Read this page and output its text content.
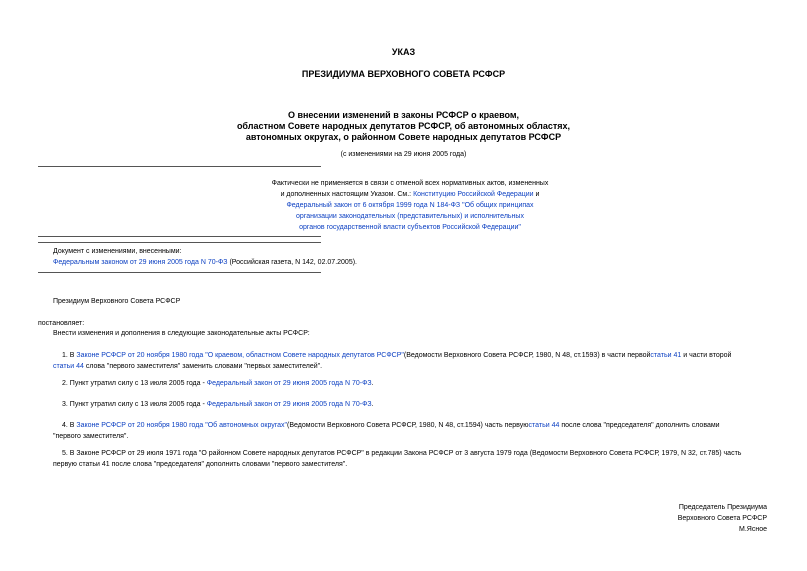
УКАЗ
ПРЕЗИДИУМА ВЕРХОВНОГО СОВЕТА РСФСР
О внесении изменений в законы РСФСР о краевом,
областном Совете народных депутатов РСФСР, об автономных областях,
автономных округах, о районном Совете народных депутатов РСФСР
(с изменениями на 29 июня 2005 года)
Фактически не применяется в связи с отменой всех нормативных актов, измененных
и дополненных настоящим Указом. См.: Конституцию Российской Федерации и
Федеральный закон от 6 октября 1999 года N 184-ФЗ "Об общих принципах
организации законодательных (представительных) и исполнительных
органов государственной власти субъектов Российской Федерации"
Документ с изменениями, внесенными:
Федеральным законом от 29 июня 2005 года N 70-ФЗ (Российская газета, N 142, 02.07.2005).
Президиум Верховного Совета РСФСР
постановляет:
Внести изменения и дополнения в следующие законодательные акты РСФСР:
1. В Законе РСФСР от 20 ноября 1980 года "О краевом, областном Совете народных депутатов РСФСР"(Ведомости Верховного Совета РСФСР, 1980, N 48, ст.1593) в части первойстатьи 41 и части второй
статьи 44 слова "первого заместителя" заменить словами "первых заместителей".
2. Пункт утратил силу с 13 июля 2005 года - Федеральный закон от 29 июня 2005 года N 70-ФЗ.
3. Пункт утратил силу с 13 июля 2005 года - Федеральный закон от 29 июня 2005 года N 70-ФЗ.
4. В Законе РСФСР от 20 ноября 1980 года "Об автономных округах"(Ведомости Верховного Совета РСФСР, 1980, N 48, ст.1594) часть первуюстатьи 44 после слова "председателя" дополнить словами
"первого заместителя".
5. В Законе РСФСР от 29 июля 1971 года "О районном Совете народных депутатов РСФСР" в редакции Закона РСФСР от 3 августа 1979 года (Ведомости Верховного Совета РСФСР, 1979, N 32, ст.785) часть
первую статьи 41 после слова "председателя" дополнить словами "первого заместителя".
Председатель Президиума
Верховного Совета РСФСР
М.Ясное
